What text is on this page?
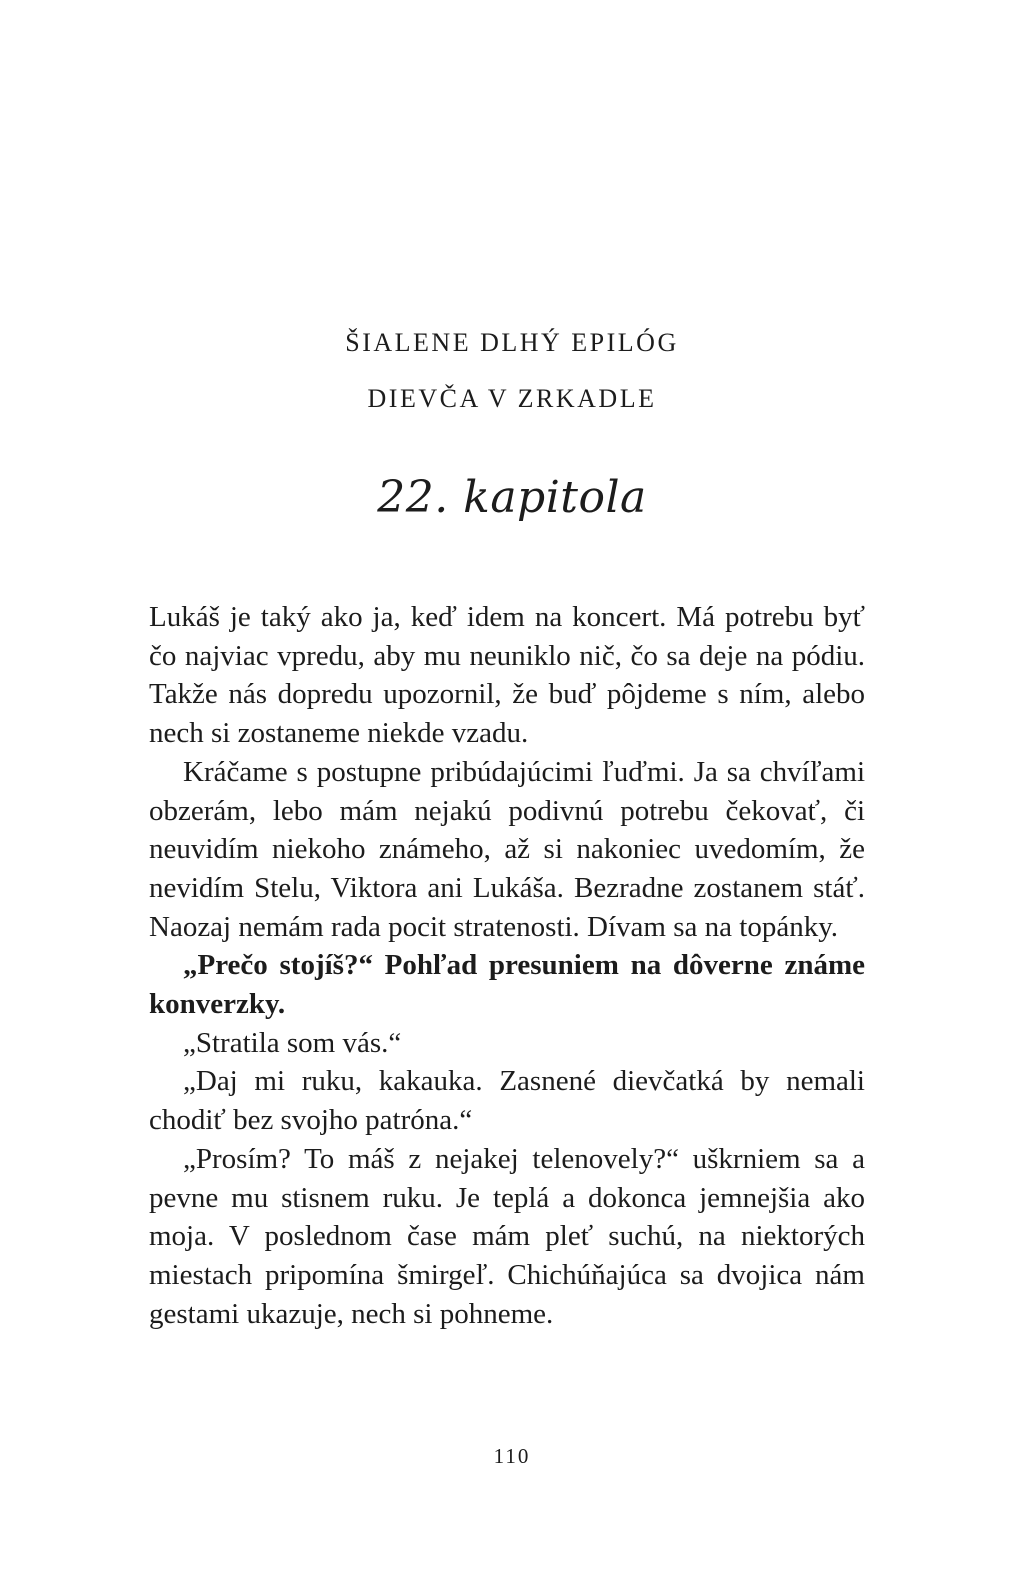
ŠIALENE DLHÝ EPILÓG
DIEVČA V ZRKADLE
22. kapitola

Lukáš je taký ako ja, keď idem na koncert. Má potrebu byť čo najviac vpredu, aby mu neuniklo nič, čo sa deje na pódiu. Takže nás dopredu upozornil, že buď pôjdeme s ním, alebo nech si zostaneme niekde vzadu.

Kráčame s postupne pribúdajúcimi ľuďmi. Ja sa chvíľami obzerám, lebo mám nejakú podivnú potrebu čekovať, či neuvidím niekoho známeho, až si nakoniec uvedomím, že nevidím Stelu, Viktora ani Lukáša. Bezradne zostanem stáť. Naozaj nemám rada pocit stratenosti. Dívam sa na topánky.

„Prečo stojíš?“ Pohľad presuniem na dôverne známe konverzky.

„Stratila som vás.“

„Daj mi ruku, kakauka. Zasnené dievčatká by nemali chodiť bez svojho patróna.“

„Prosím? To máš z nejakej telenovely?“ uškrniem sa a pevne mu stisnem ruku. Je teplá a dokonca jemnejšia ako moja. V poslednom čase mám pleť suchú, na niektorých miestach pripomína šmirgeľ. Chichúňajúca sa dvojica nám gestami ukazuje, nech si pohneme.

110
